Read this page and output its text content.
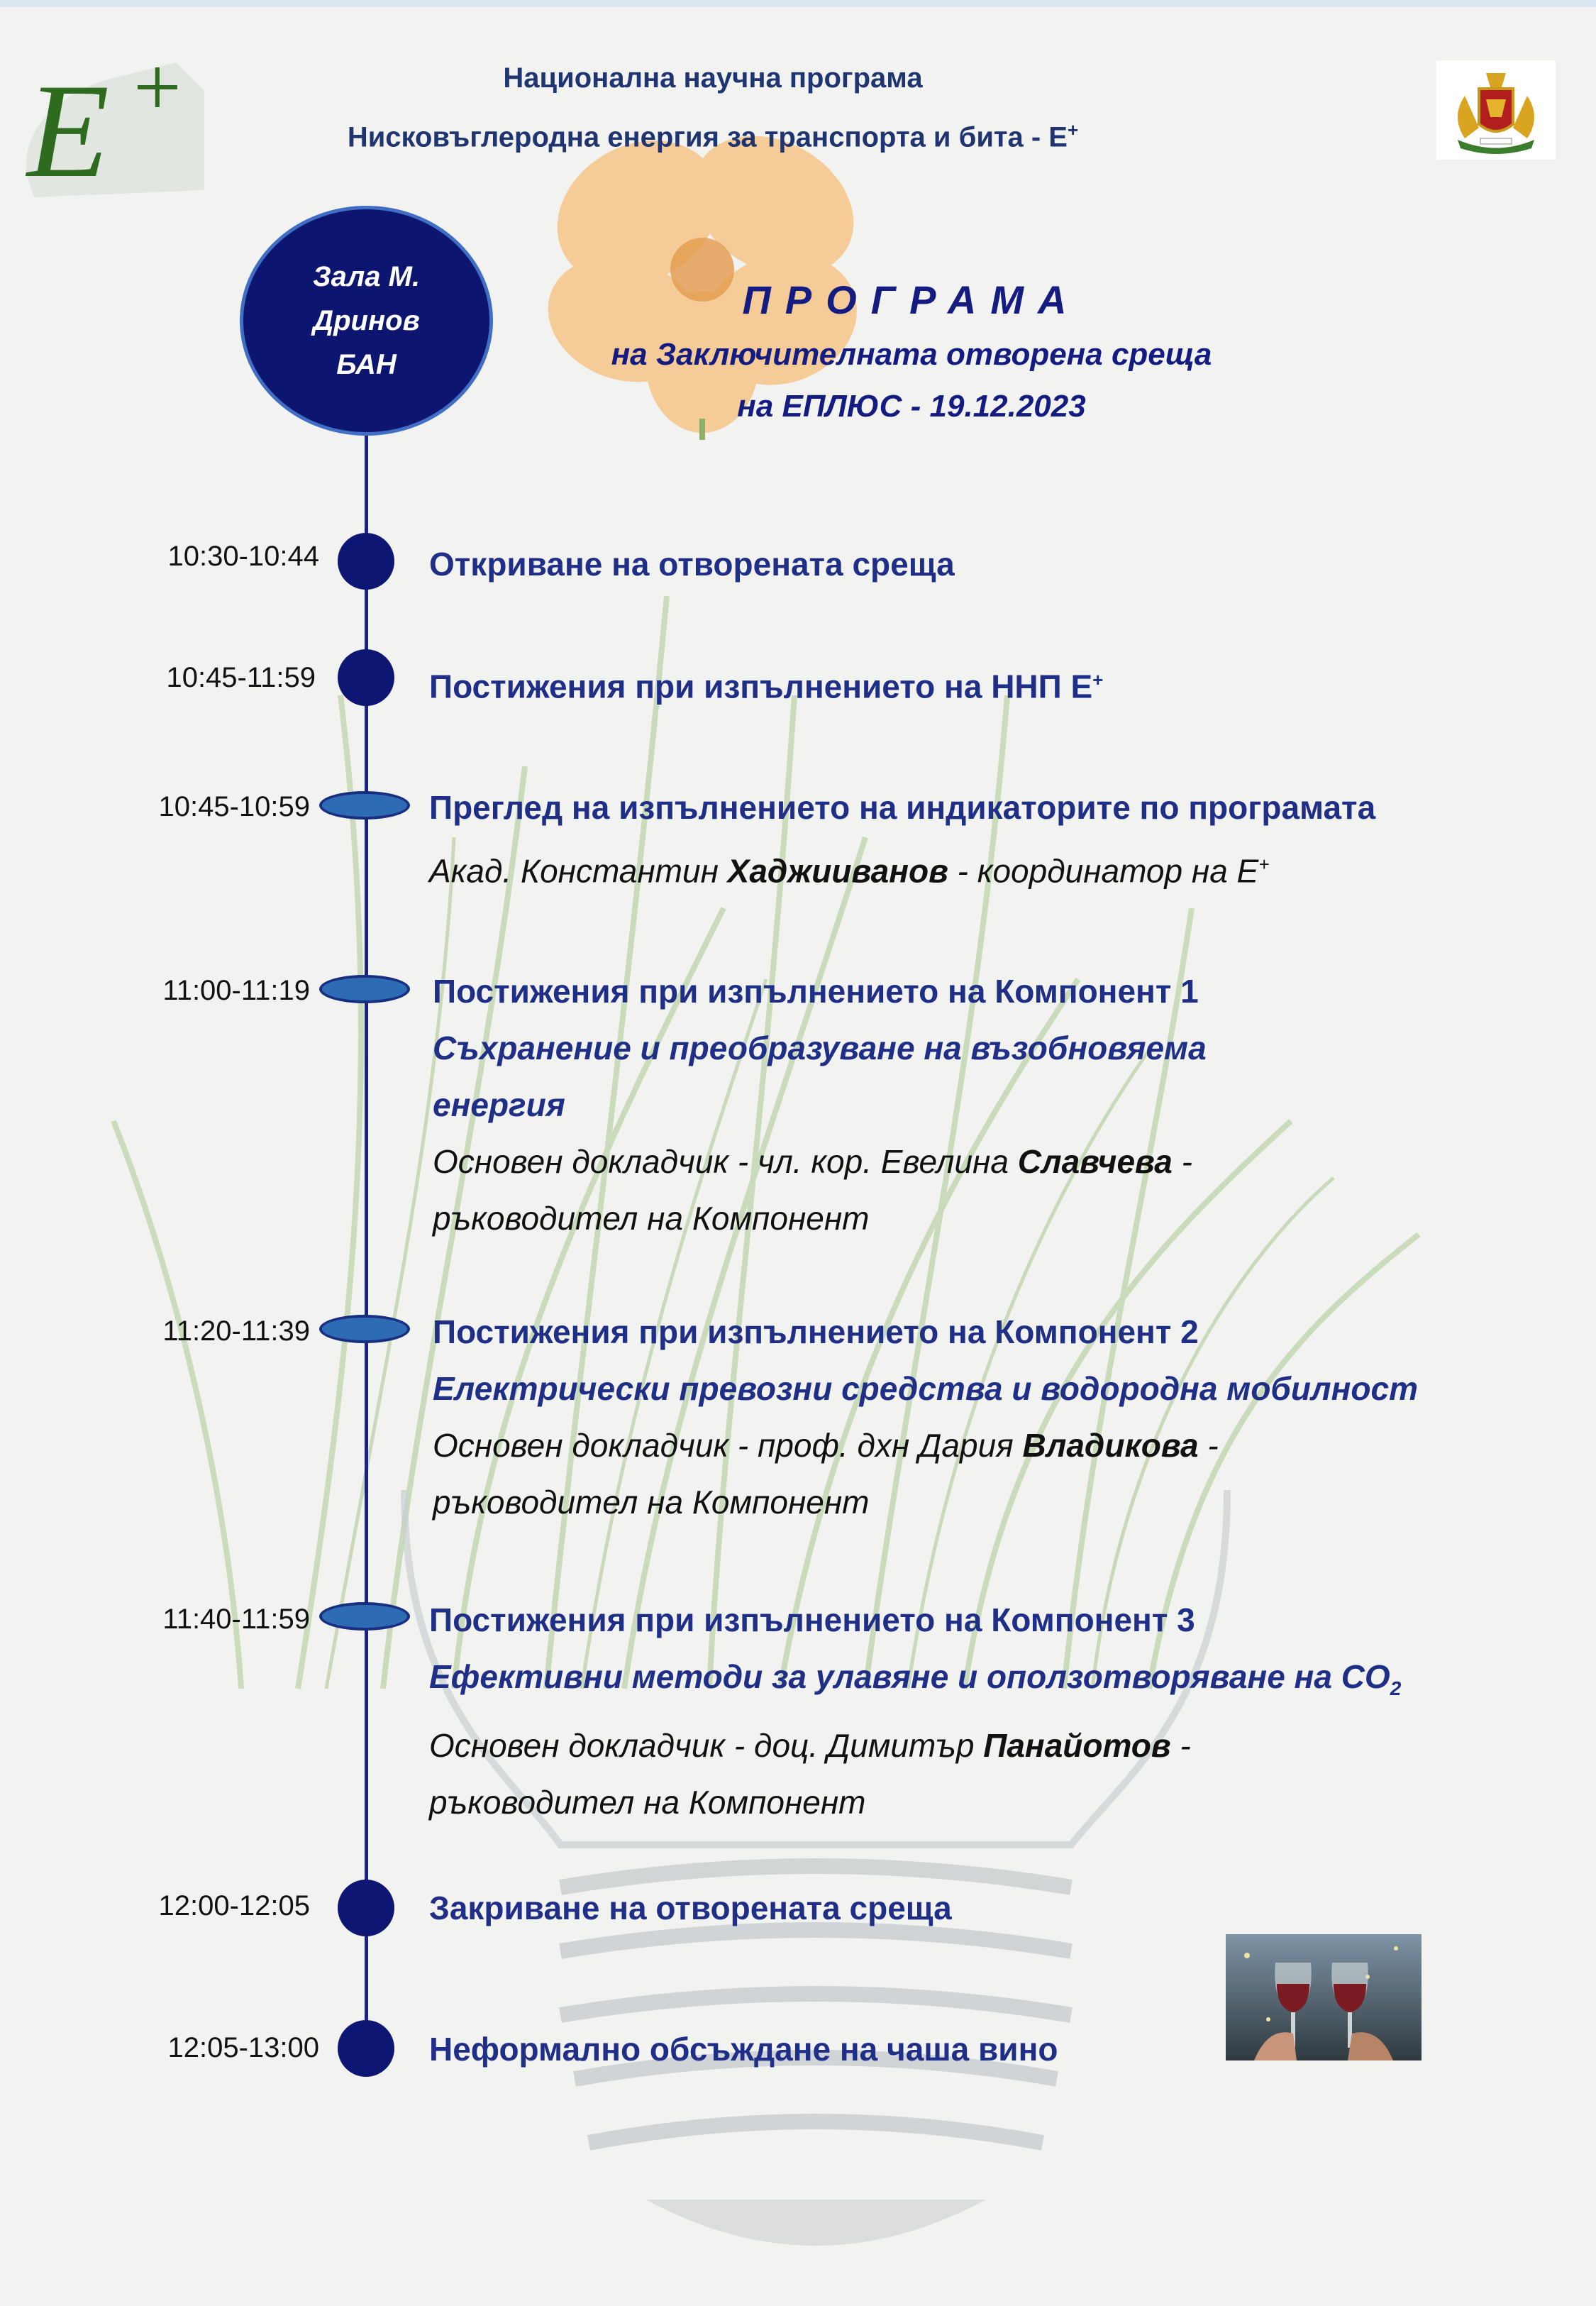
E +	Национална научна програма
Нисковъглеродна енергия за транспорта и бита - Е+
Зала М.
Дринов
БАН
ПРОГРАМА
на Заключителната отворена среща
на ЕПЛЮС - 19.12.2023
10:30-10:44	Откриване на отворената среща
10:45-11:59	Постижения при изпълнението на ННП Е+
10:45-10:59	Преглед на изпълнението на индикаторите по програмата
Акад. Константин Хаджииванов - координатор на Е+
11:00-11:19	Постижения при изпълнението на Компонент 1
Съхранение и преобразуване на възобновяема
енергия
Основен докладчик - чл. кор. Евелина Славчева -
ръководител на Компонент
11:20-11:39	Постижения при изпълнението на Компонент 2
Електрически превозни средства и водородна мобилност
Основен докладчик - проф. дхн Дария Владикова -
ръководител на Компонент
11:40-11:59	Постижения при изпълнението на Компонент 3
Ефективни методи за улавяне и оползотворяване на $СО_2$
Основен докладчик - доц. Димитър Панайотов -
ръководител на Компонент
12:00-12:05	Закриване на отворената среща
12:05-13:00	Неформално обсъждане на чаша вино
